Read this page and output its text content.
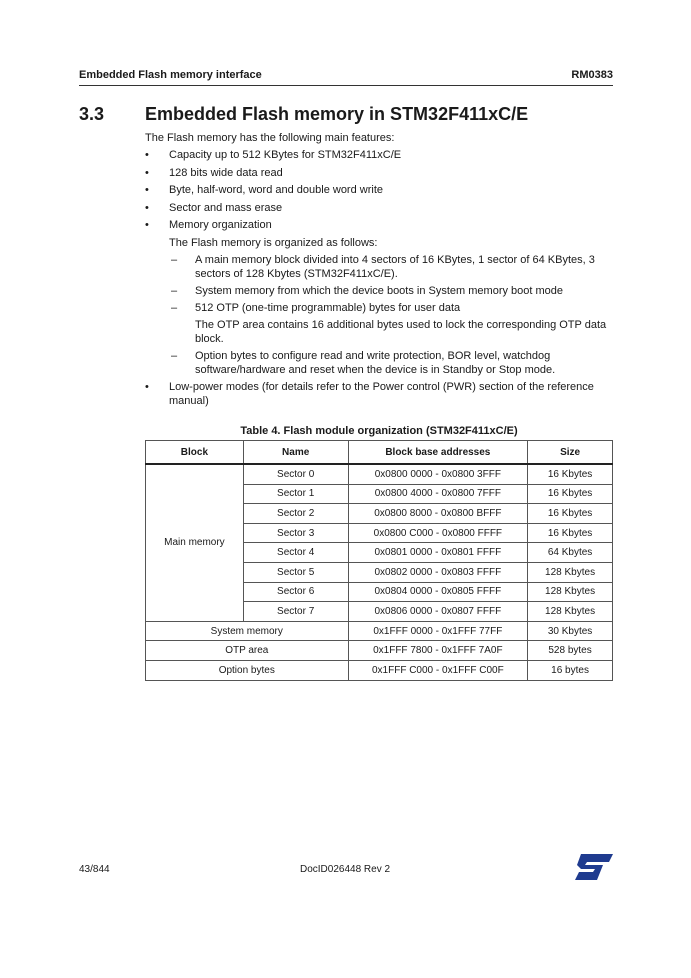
Embedded Flash memory interface	RM0383
3.3 Embedded Flash memory in STM32F411xC/E

The Flash memory has the following main features:

• Capacity up to 512 KBytes for STM32F411xC/E
• 128 bits wide data read
• Byte, half-word, word and double word write
• Sector and mass erase
• Memory organization
The Flash memory is organized as follows:
– A main memory block divided into 4 sectors of 16 KBytes, 1 sector of 64 KBytes, 3 sectors of 128 Kbytes (STM32F411xC/E).
– System memory from which the device boots in System memory boot mode
– 512 OTP (one-time programmable) bytes for user data
The OTP area contains 16 additional bytes used to lock the corresponding OTP data block.
– Option bytes to configure read and write protection, BOR level, watchdog software/hardware and reset when the device is in Standby or Stop mode.
• Low-power modes (for details refer to the Power control (PWR) section of the reference manual)
Table 4. Flash module organization (STM32F411xC/E)
Block	Name	Block base addresses	Size
Main memory	Sector 0	0x0800 0000 - 0x0800 3FFF	16 Kbytes
	Sector 1	0x0800 4000 - 0x0800 7FFF	16 Kbytes
	Sector 2	0x0800 8000 - 0x0800 BFFF	16 Kbytes
	Sector 3	0x0800 C000 - 0x0800 FFFF	16 Kbytes
	Sector 4	0x0801 0000 - 0x0801 FFFF	64 Kbytes
	Sector 5	0x0802 0000 - 0x0803 FFFF	128 Kbytes
	Sector 6	0x0804 0000 - 0x0805 FFFF	128 Kbytes
	Sector 7	0x0806 0000 - 0x0807 FFFF	128 Kbytes
System memory		0x1FFF 0000 - 0x1FFF 77FF	30 Kbytes
OTP area		0x1FFF 7800 - 0x1FFF 7A0F	528 bytes
Option bytes		0x1FFF C000 - 0x1FFF C00F	16 bytes
43/844	DocID026448 Rev 2
